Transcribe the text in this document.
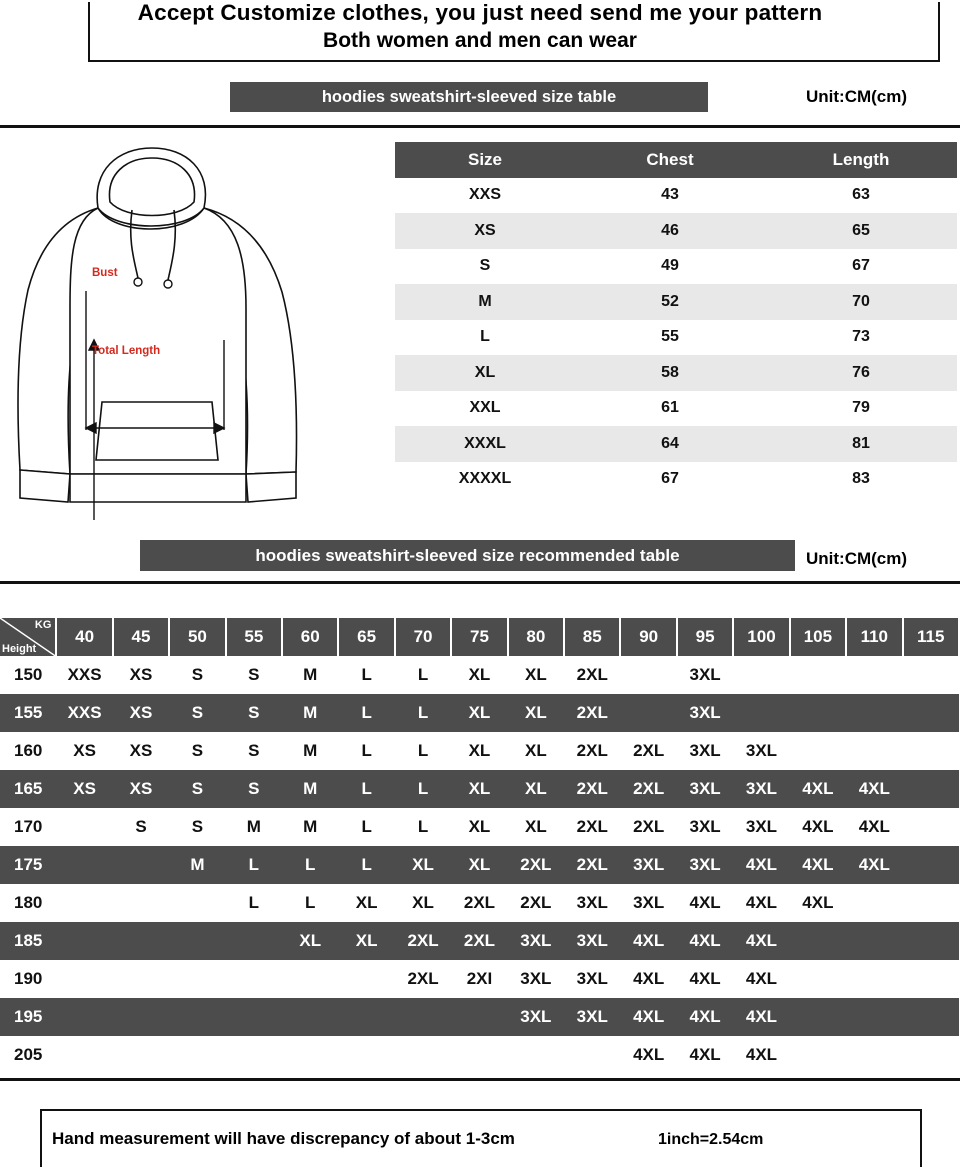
Accept Customize clothes, you just need send me your pattern
Both women and men can wear
hoodies sweatshirt-sleeved size table	Unit:CM(cm)
Bust
Total Length
Size	Chest	Length
XXS	43	63
XS	46	65
S	49	67
M	52	70
L	55	73
XL	58	76
XXL	61	79
XXXL	64	81
XXXXL	67	83
hoodies sweatshirt-sleeved size recommended table	Unit:CM(cm)
KG
Height	40	45	50	55	60	65	70	75	80	85	90	95	100	105	110	115
150	XXS	XS	S	S	M	L	L	XL	XL	2XL		3XL				
155	XXS	XS	S	S	M	L	L	XL	XL	2XL		3XL				
160	XS	XS	S	S	M	L	L	XL	XL	2XL	2XL	3XL	3XL			
165	XS	XS	S	S	M	L	L	XL	XL	2XL	2XL	3XL	3XL	4XL	4XL	
170		S	S	M	M	L	L	XL	XL	2XL	2XL	3XL	3XL	4XL	4XL	
175			M	L	L	L	XL	XL	2XL	2XL	3XL	3XL	4XL	4XL	4XL	
180				L	L	XL	XL	2XL	2XL	3XL	3XL	4XL	4XL	4XL		
185					XL	XL	2XL	2XL	3XL	3XL	4XL	4XL	4XL			
190							2XL	2XI	3XL	3XL	4XL	4XL	4XL			
195									3XL	3XL	4XL	4XL	4XL			
205											4XL	4XL	4XL			
Hand measurement will have discrepancy of about 1-3cm	1inch=2.54cm
